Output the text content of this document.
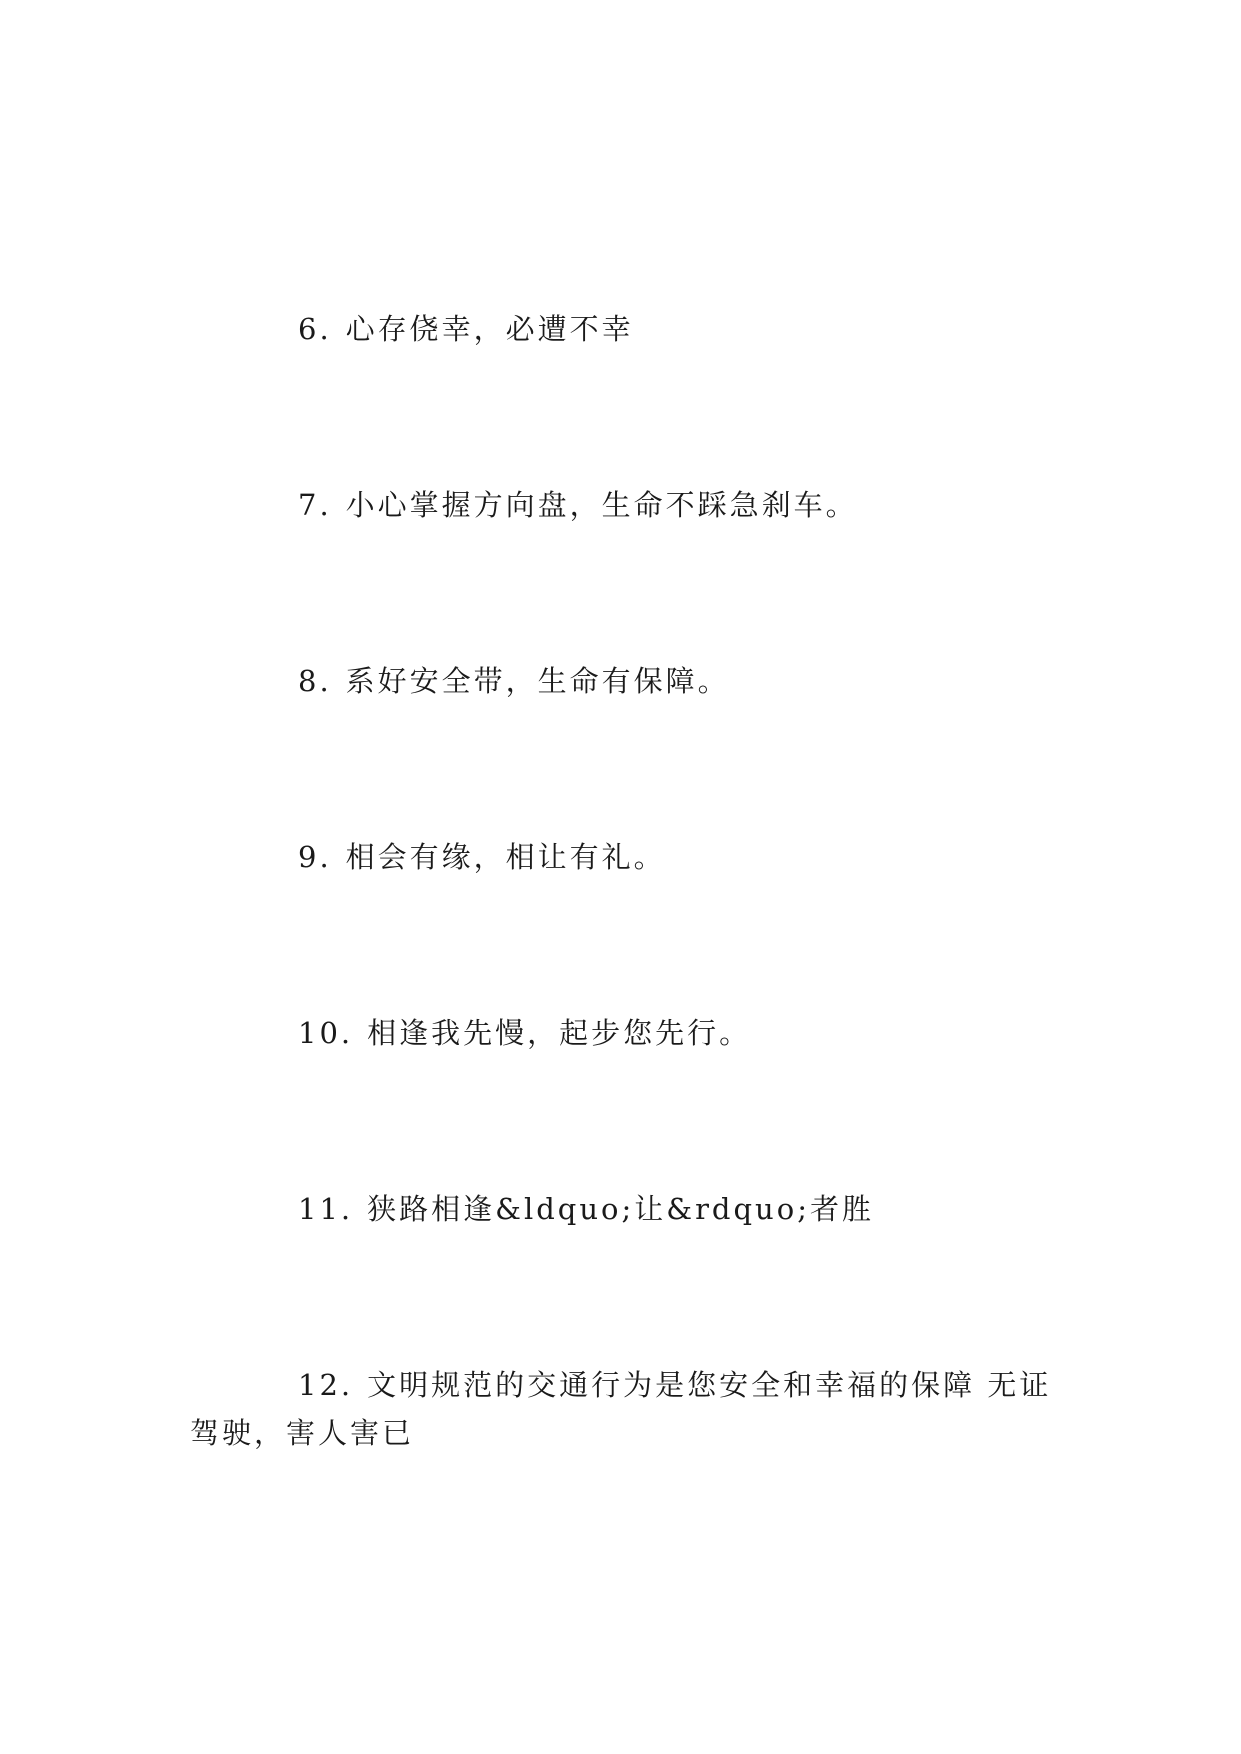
6. 心存侥幸，必遭不幸

7. 小心掌握方向盘，生命不踩急刹车。

8. 系好安全带，生命有保障。

9. 相会有缘，相让有礼。

10. 相逢我先慢，起步您先行。

11. 狭路相逢&ldquo;让&rdquo;者胜

12. 文明规范的交通行为是您安全和幸福的保障 无证驾驶，害人害已
